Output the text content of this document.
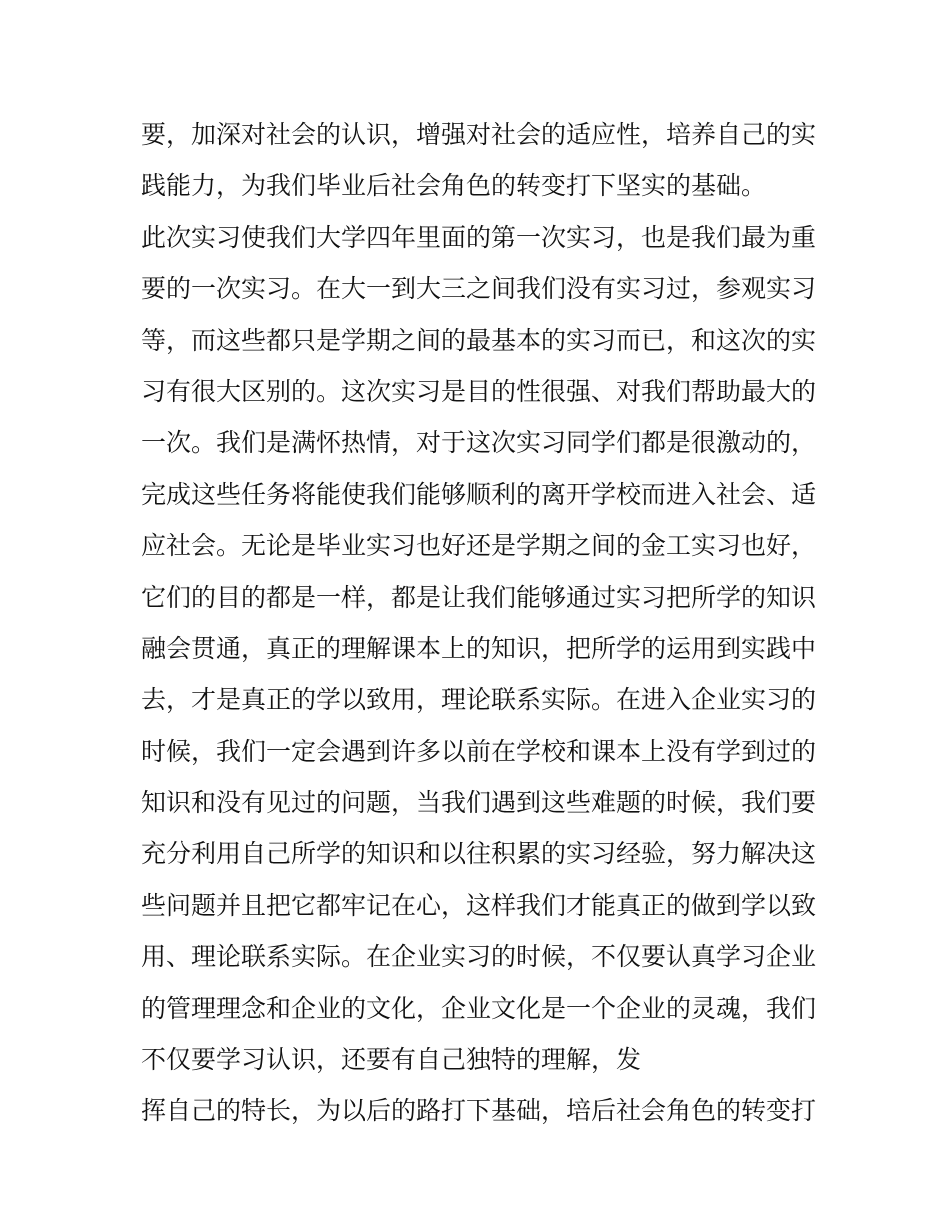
要，加深对社会的认识，增强对社会的适应性，培养自己的实
践能力，为我们毕业后社会角色的转变打下坚实的基础。
此次实习使我们大学四年里面的第一次实习，也是我们最为重
要的一次实习。在大一到大三之间我们没有实习过，参观实习
等，而这些都只是学期之间的最基本的实习而已，和这次的实
习有很大区别的。这次实习是目的性很强、对我们帮助最大的
一次。我们是满怀热情，对于这次实习同学们都是很激动的，
完成这些任务将能使我们能够顺利的离开学校而进入社会、适
应社会。无论是毕业实习也好还是学期之间的金工实习也好，
它们的目的都是一样，都是让我们能够通过实习把所学的知识
融会贯通，真正的理解课本上的知识，把所学的运用到实践中
去，才是真正的学以致用，理论联系实际。在进入企业实习的
时候，我们一定会遇到许多以前在学校和课本上没有学到过的
知识和没有见过的问题，当我们遇到这些难题的时候，我们要
充分利用自己所学的知识和以往积累的实习经验，努力解决这
些问题并且把它都牢记在心，这样我们才能真正的做到学以致
用、理论联系实际。在企业实习的时候，不仅要认真学习企业
的管理理念和企业的文化，企业文化是一个企业的灵魂，我们
不仅要学习认识，还要有自己独特的理解，发
挥自己的特长，为以后的路打下基础，培后社会角色的转变打
